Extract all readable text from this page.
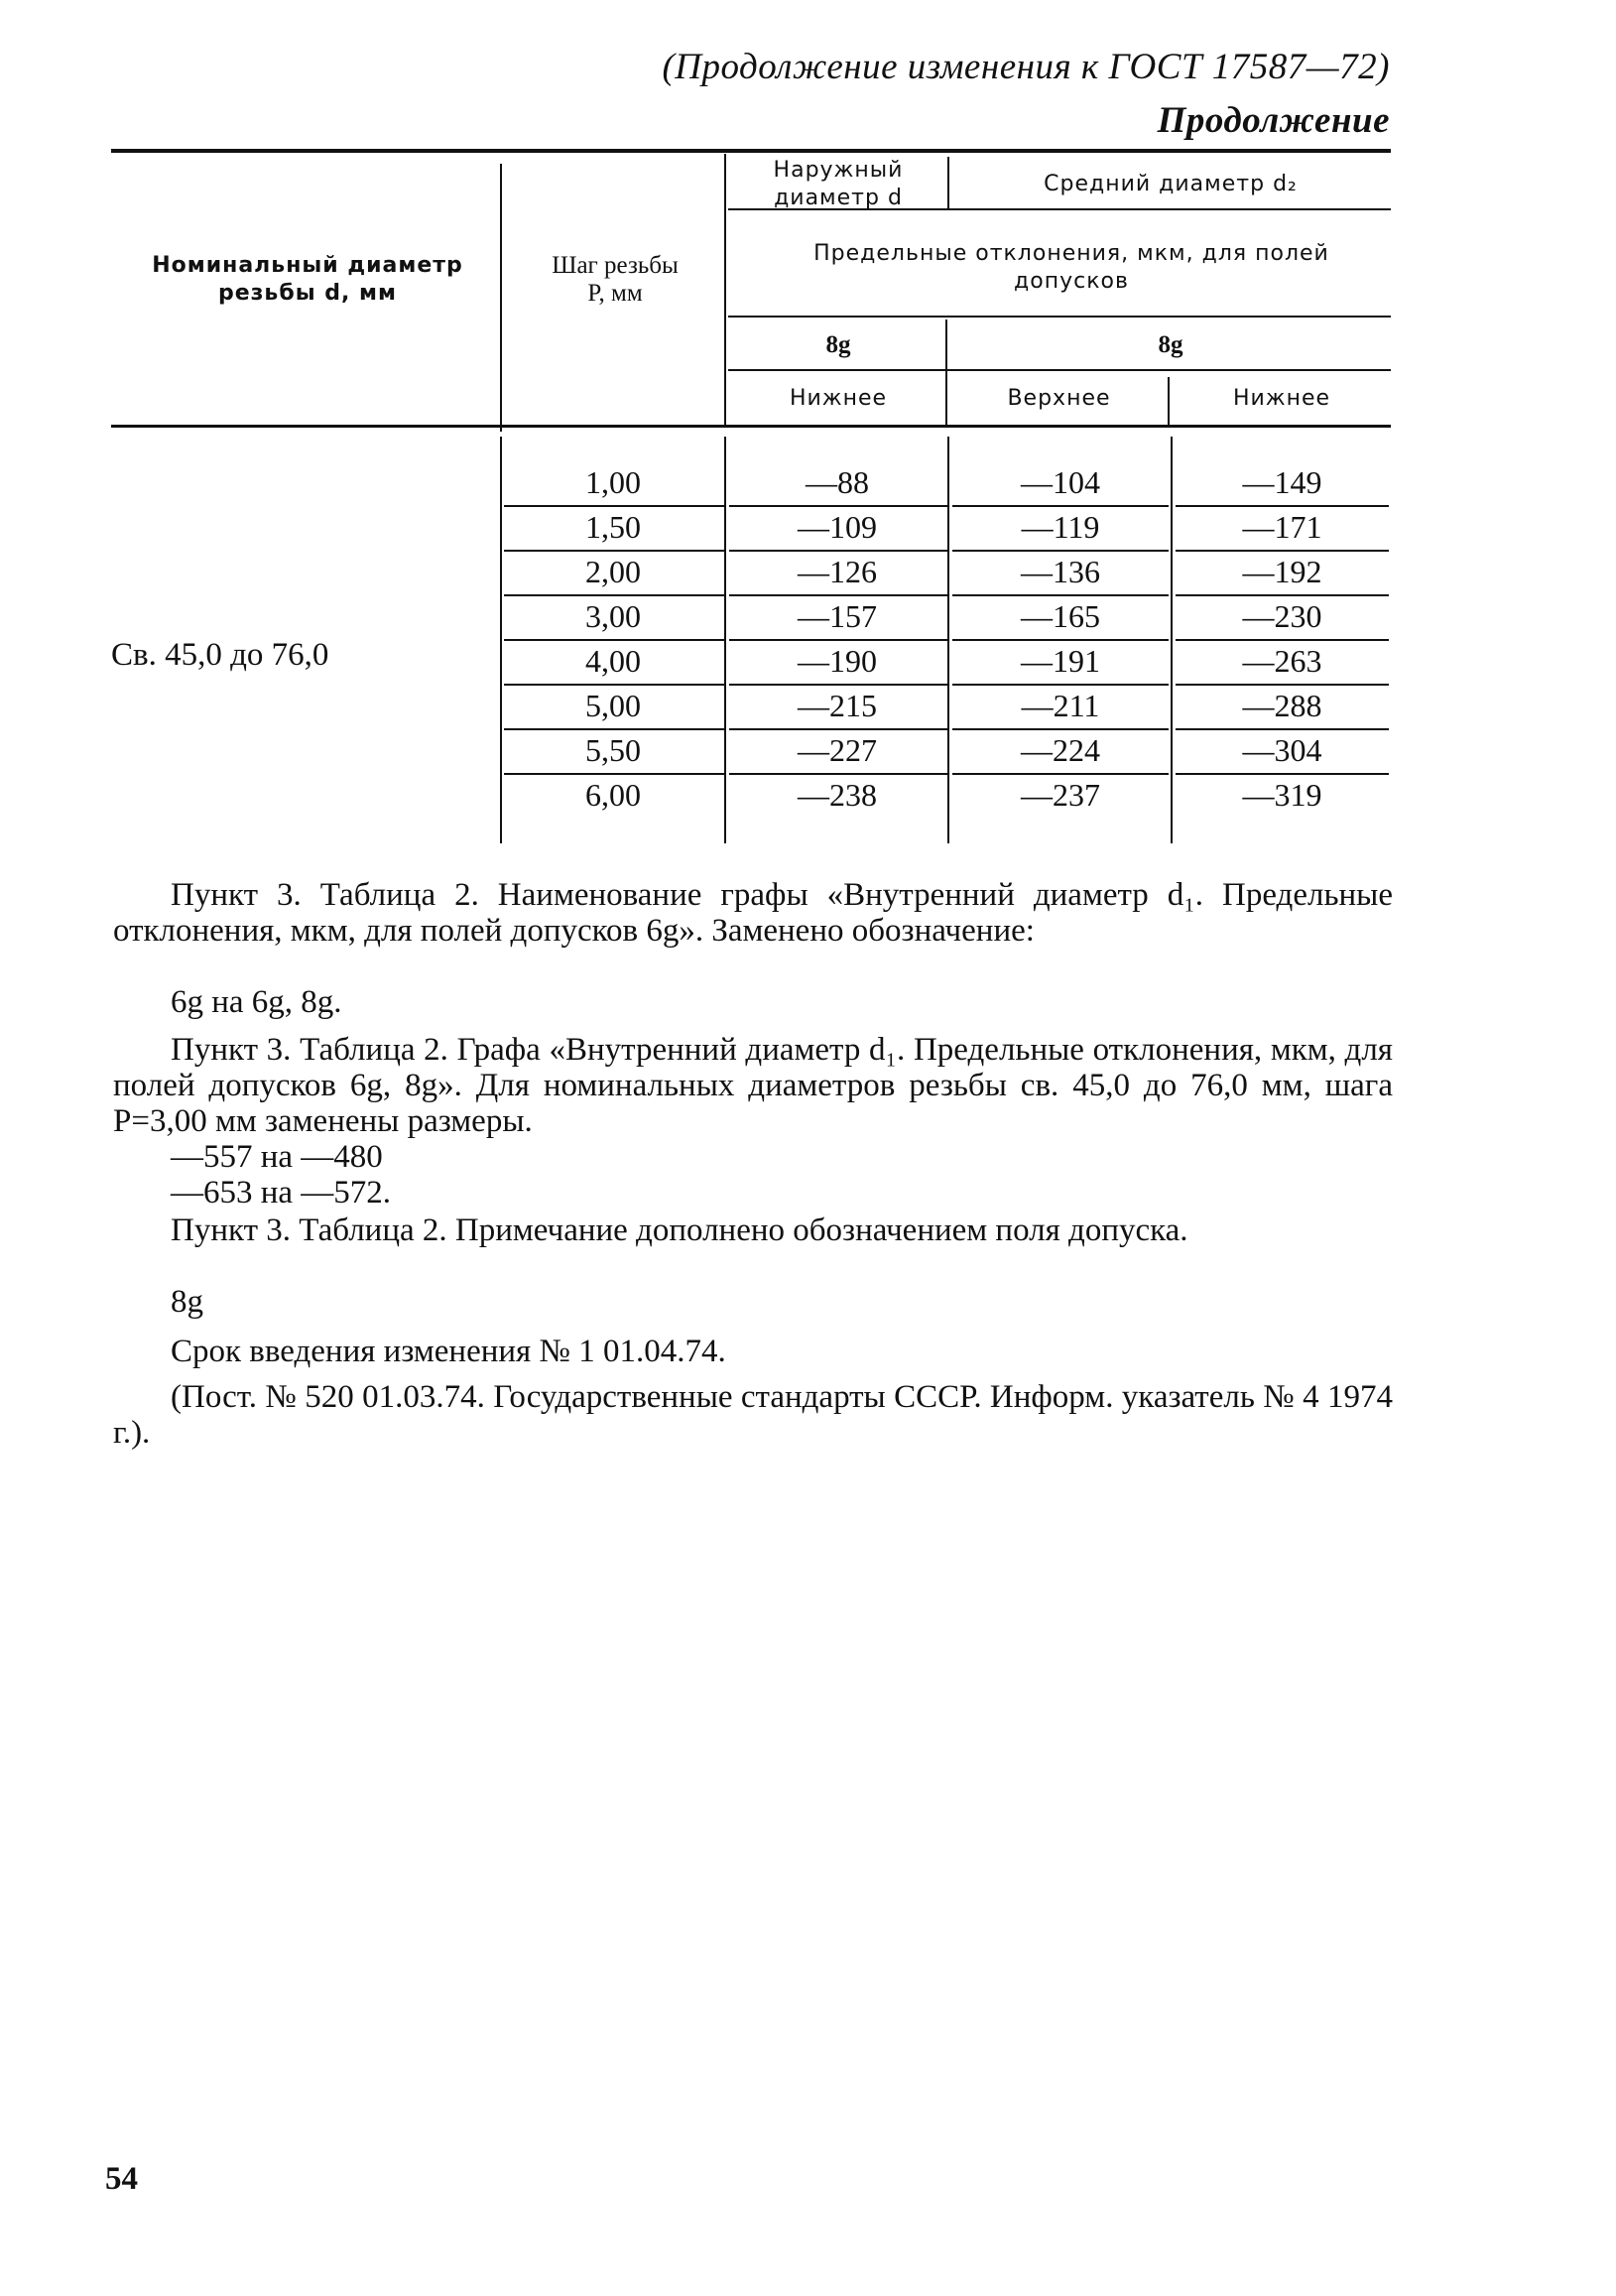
(Продолжение изменения к ГОСТ 17587—72)
Продолжение
Номинальный диаметр резьбы d, мм
Шаг резьбы P, мм
Наружный диаметр d
Средний диаметр d₂
Предельные отклонения, мкм, для полей допусков
8g	8g
Нижнее	Верхнее	Нижнее
Св. 45,0 до 76,0
1,00	—88	—104	—149
1,50	—109	—119	—171
2,00	—126	—136	—192
3,00	—157	—165	—230
4,00	—190	—191	—263
5,00	—215	—211	—288
5,50	—227	—224	—304
6,00	—238	—237	—319
Пункт 3. Таблица 2. Наименование графы «Внутренний диаметр d₁. Предельные отклонения, мкм, для полей допусков 6g». Заменено обозначение:
6g на 6g, 8g.
Пункт 3. Таблица 2. Графа «Внутренний диаметр d₁. Предельные отклонения, мкм, для полей допусков 6g, 8g». Для номинальных диаметров резьбы св. 45,0 до 76,0 мм, шага P=3,00 мм заменены размеры.
—557 на —480
—653 на —572.
Пункт 3. Таблица 2. Примечание дополнено обозначением поля допуска.
8g
Срок введения изменения № 1 01.04.74.
(Пост. № 520 01.03.74. Государственные стандарты СССР. Информ. указатель № 4 1974 г.).
54
